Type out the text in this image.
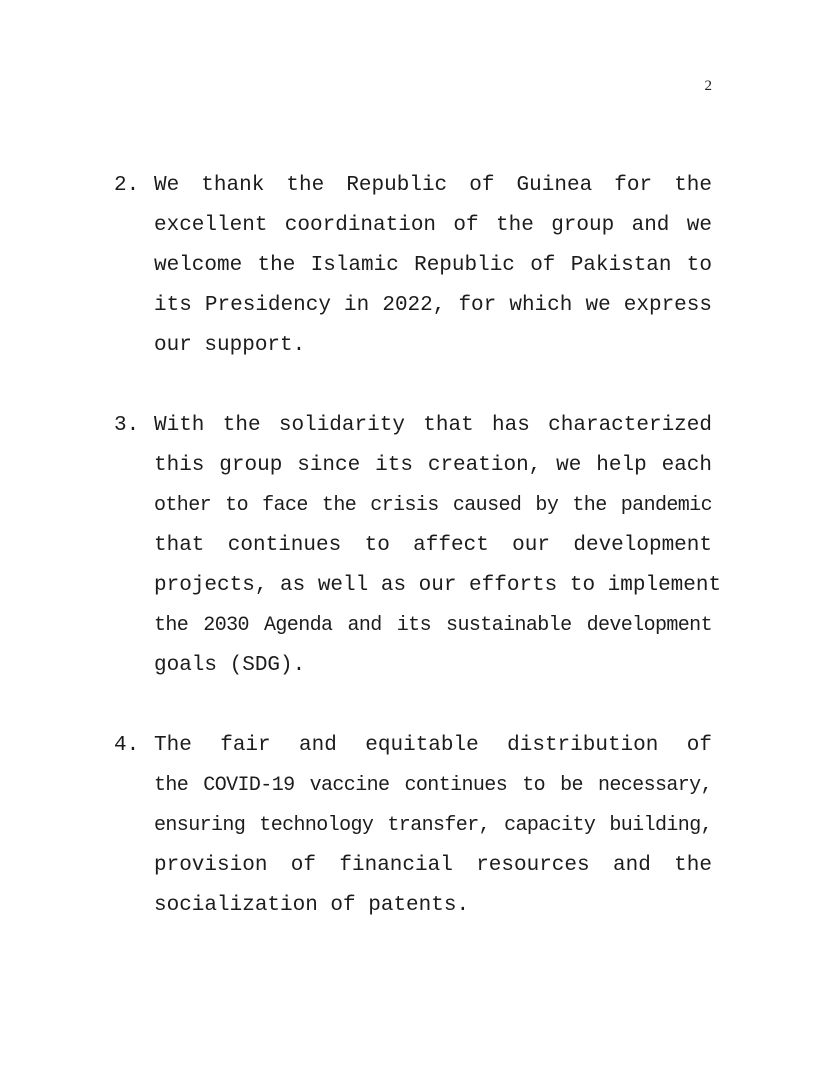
2
2. We thank the Republic of Guinea for the
excellent coordination of the group and we
welcome the Islamic Republic of Pakistan to
its Presidency in 2022, for which we express
our support.
3. With the solidarity that has characterized
this group since its creation, we help each
other to face the crisis caused by the pandemic
that continues to affect our development
projects, as well as our efforts to implement
the 2030 Agenda and its sustainable development
goals (SDG).
4. The fair and equitable distribution of
the COVID-19 vaccine continues to be necessary,
ensuring technology transfer, capacity building,
provision of financial resources and the
socialization of patents.
